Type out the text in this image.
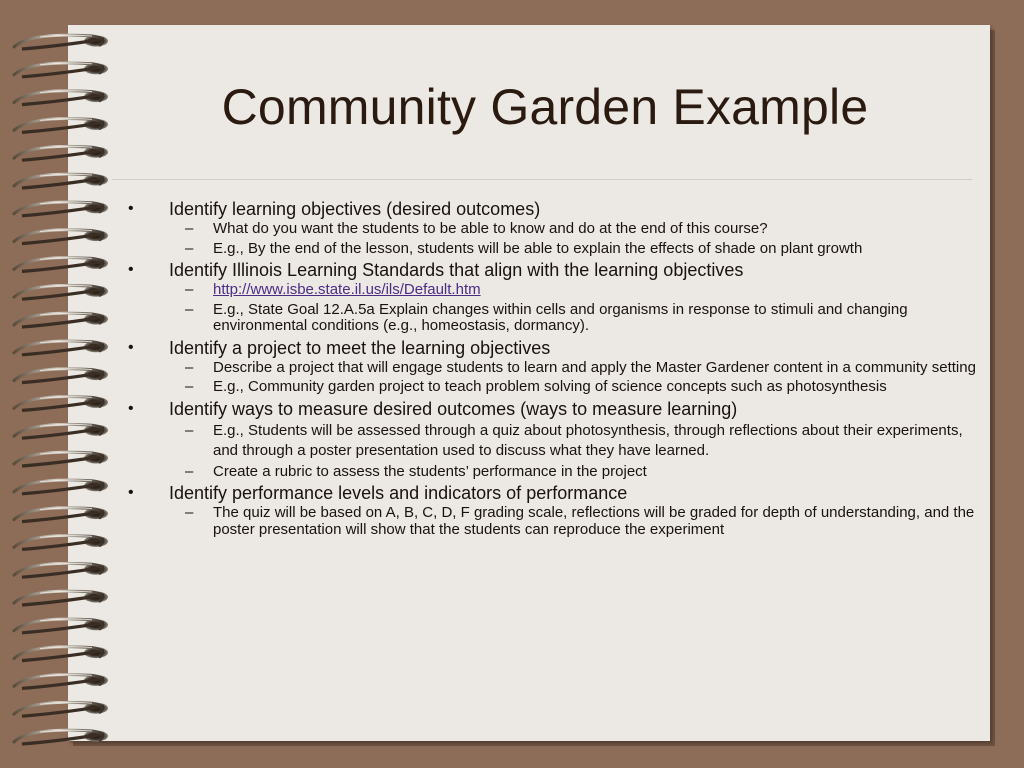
Community Garden Example
• Identify learning objectives (desired outcomes)
– What do you want the students to be able to know and do at the end of this course?
– E.g., By the end of the lesson, students will be able to explain the effects of shade on plant growth
• Identify Illinois Learning Standards that align with the learning objectives
– http://www.isbe.state.il.us/ils/Default.htm
– E.g., State Goal 12.A.5a Explain changes within cells and organisms in response to stimuli and changing environmental conditions (e.g., homeostasis, dormancy).
• Identify a project to meet the learning objectives
– Describe a project that will engage students to learn and apply the Master Gardener content in a community setting
– E.g., Community garden project to teach problem solving of science concepts such as photosynthesis
• Identify ways to measure desired outcomes (ways to measure learning)
– E.g., Students will be assessed through a quiz about photosynthesis, through reflections about their experiments, and through a poster presentation used to discuss what they have learned.
– Create a rubric to assess the students’ performance in the project
• Identify performance levels and indicators of performance
– The quiz will be based on A, B, C, D, F grading scale, reflections will be graded for depth of understanding, and the poster presentation will show that the students can reproduce the experiment
